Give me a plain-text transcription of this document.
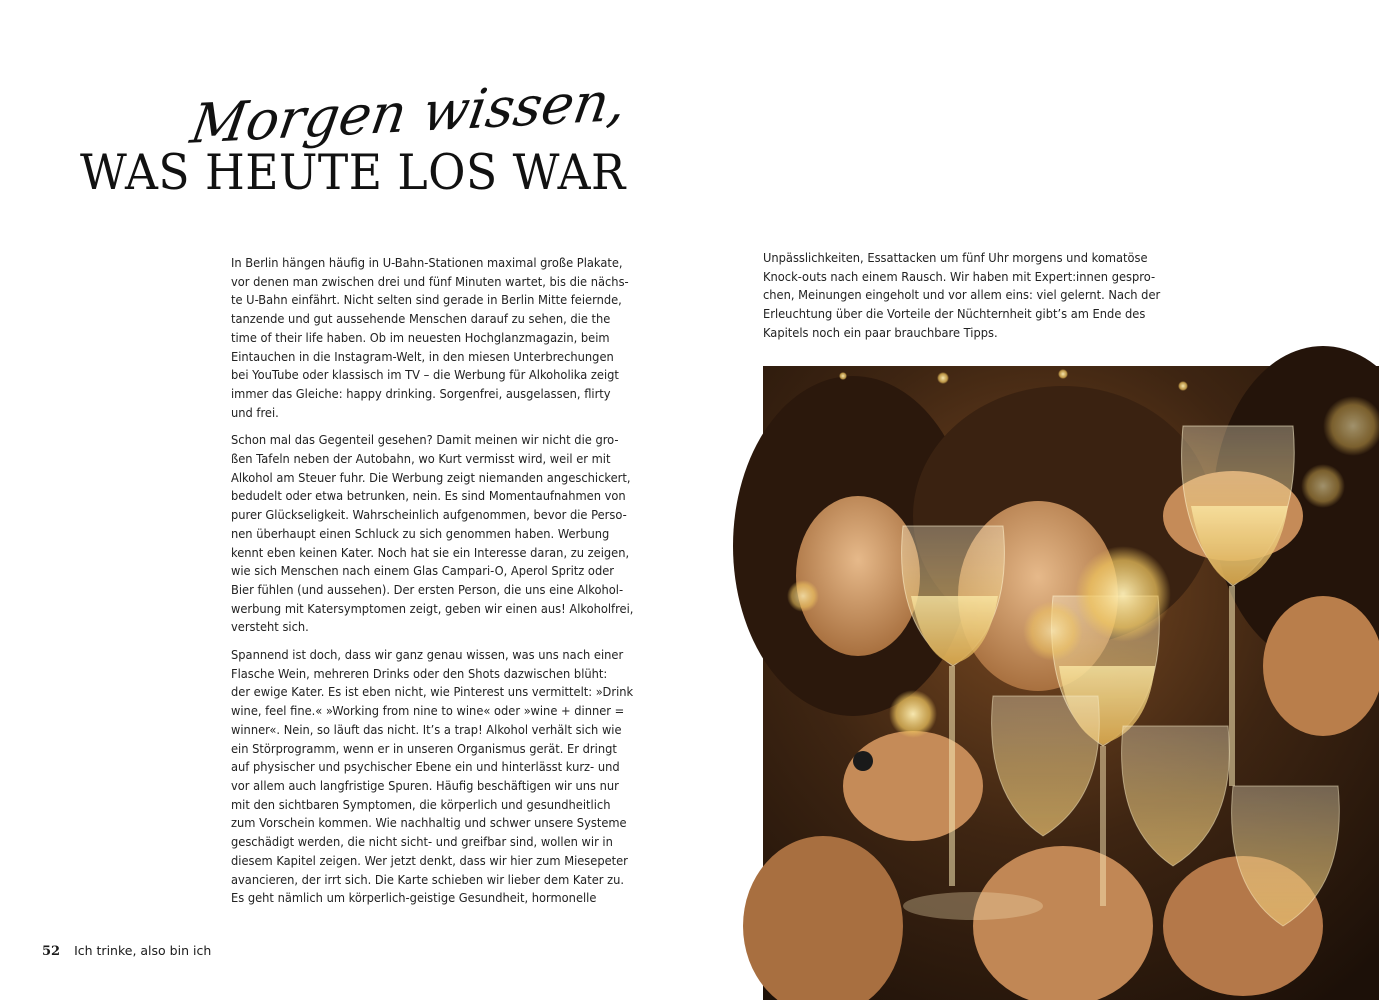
Morgen wissen,
WAS HEUTE LOS WAR
In Berlin hängen häufig in U-Bahn-Stationen maximal große Plakate,
vor denen man zwischen drei und fünf Minuten wartet, bis die nächs-
te U-Bahn einfährt. Nicht selten sind gerade in Berlin Mitte feiernde,
tanzende und gut aussehende Menschen darauf zu sehen, die the
time of their life haben. Ob im neuesten Hochglanzmagazin, beim
Eintauchen in die Instagram-Welt, in den miesen Unterbrechungen
bei YouTube oder klassisch im TV – die Werbung für Alkoholika zeigt
immer das Gleiche: happy drinking. Sorgenfrei, ausgelassen, flirty
und frei.
Schon mal das Gegenteil gesehen? Damit meinen wir nicht die gro-
ßen Tafeln neben der Autobahn, wo Kurt vermisst wird, weil er mit
Alkohol am Steuer fuhr. Die Werbung zeigt niemanden angeschickert,
bedudelt oder etwa betrunken, nein. Es sind Momentaufnahmen von
purer Glückseligkeit. Wahrscheinlich aufgenommen, bevor die Perso-
nen überhaupt einen Schluck zu sich genommen haben. Werbung
kennt eben keinen Kater. Noch hat sie ein Interesse daran, zu zeigen,
wie sich Menschen nach einem Glas Campari-O, Aperol Spritz oder
Bier fühlen (und aussehen). Der ersten Person, die uns eine Alkohol-
werbung mit Katersymptomen zeigt, geben wir einen aus! Alkoholfrei,
versteht sich.
Spannend ist doch, dass wir ganz genau wissen, was uns nach einer
Flasche Wein, mehreren Drinks oder den Shots dazwischen blüht:
der ewige Kater. Es ist eben nicht, wie Pinterest uns vermittelt: »Drink
wine, feel fine.« »Working from nine to wine« oder »wine + dinner =
winner«. Nein, so läuft das nicht. It’s a trap! Alkohol verhält sich wie
ein Störprogramm, wenn er in unseren Organismus gerät. Er dringt
auf physischer und psychischer Ebene ein und hinterlässt kurz- und
vor allem auch langfristige Spuren. Häufig beschäftigen wir uns nur
mit den sichtbaren Symptomen, die körperlich und gesundheitlich
zum Vorschein kommen. Wie nachhaltig und schwer unsere Systeme
geschädigt werden, die nicht sicht- und greifbar sind, wollen wir in
diesem Kapitel zeigen. Wer jetzt denkt, dass wir hier zum Miesepeter
avancieren, der irrt sich. Die Karte schieben wir lieber dem Kater zu.
Es geht nämlich um körperlich-geistige Gesundheit, hormonelle
Unpässlichkeiten, Essattacken um fünf Uhr morgens und komatöse
Knock-outs nach einem Rausch. Wir haben mit Expert:innen gespro-
chen, Meinungen eingeholt und vor allem eins: viel gelernt. Nach der
Erleuchtung über die Vorteile der Nüchternheit gibt’s am Ende des
Kapitels noch ein paar brauchbare Tipps.
52 Ich trinke, also bin ich
